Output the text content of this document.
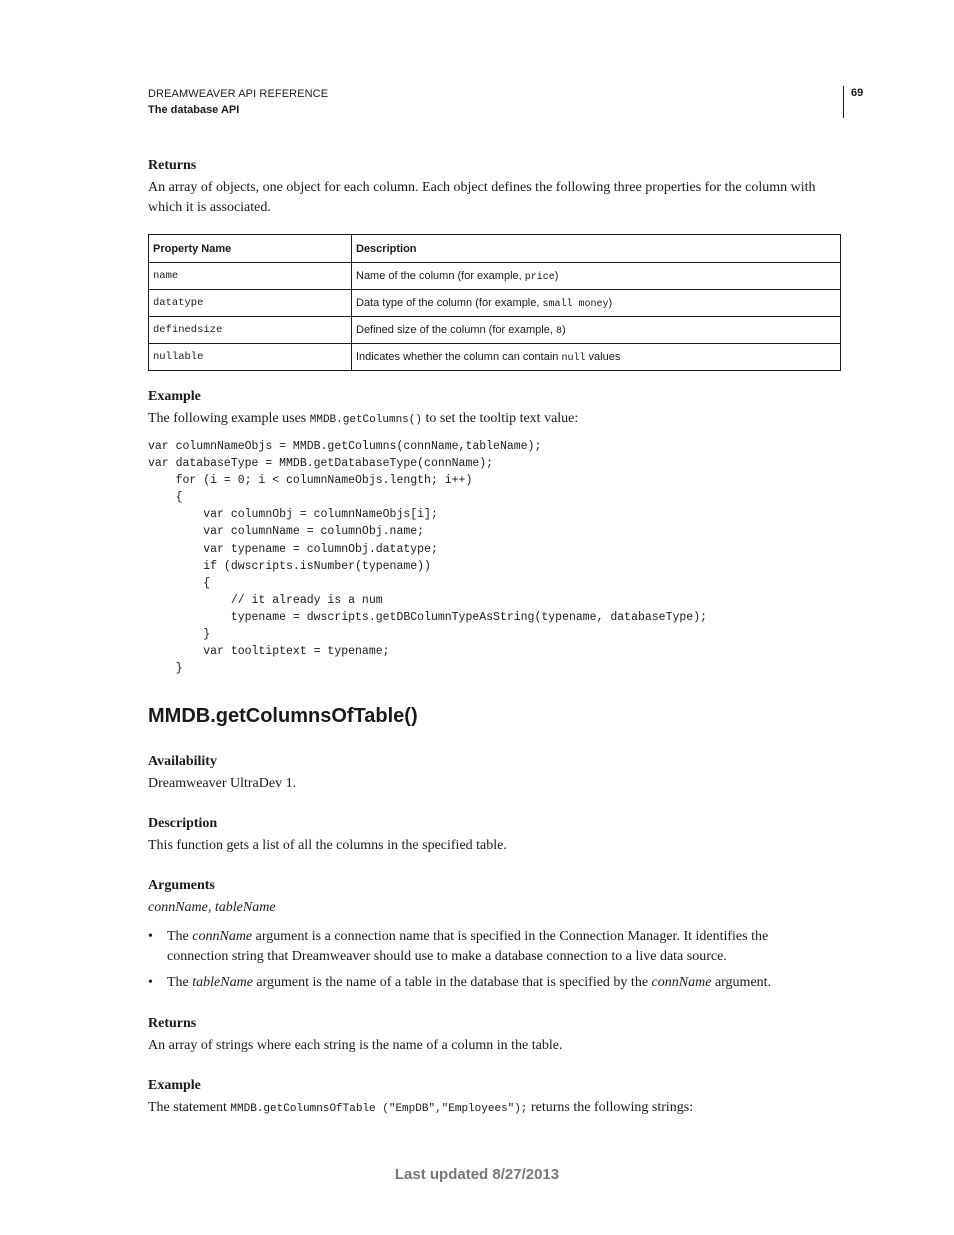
DREAMWEAVER API REFERENCE
The database API
69
Returns
An array of objects, one object for each column. Each object defines the following three properties for the column with which it is associated.
Property Name	Description
name	Name of the column (for example, price)
datatype	Data type of the column (for example, small money)
definedsize	Defined size of the column (for example, 8)
nullable	Indicates whether the column can contain null values
Example
The following example uses MMDB.getColumns() to set the tooltip text value:
var columnNameObjs = MMDB.getColumns(connName,tableName);
var databaseType = MMDB.getDatabaseType(connName);
for (i = 0; i < columnNameObjs.length; i++)
{
var columnObj = columnNameObjs[i];
var columnName = columnObj.name;
var typename = columnObj.datatype;
if (dwscripts.isNumber(typename))
{
// it already is a num
typename = dwscripts.getDBColumnTypeAsString(typename, databaseType);
}
var tooltiptext = typename;
}
MMDB.getColumnsOfTable()
Availability
Dreamweaver UltraDev 1.
Description
This function gets a list of all the columns in the specified table.
Arguments
connName, tableName
• The connName argument is a connection name that is specified in the Connection Manager. It identifies the connection string that Dreamweaver should use to make a database connection to a live data source.
• The tableName argument is the name of a table in the database that is specified by the connName argument.
Returns
An array of strings where each string is the name of a column in the table.
Example
The statement MMDB.getColumnsOfTable ("EmpDB","Employees"); returns the following strings:
Last updated 8/27/2013
